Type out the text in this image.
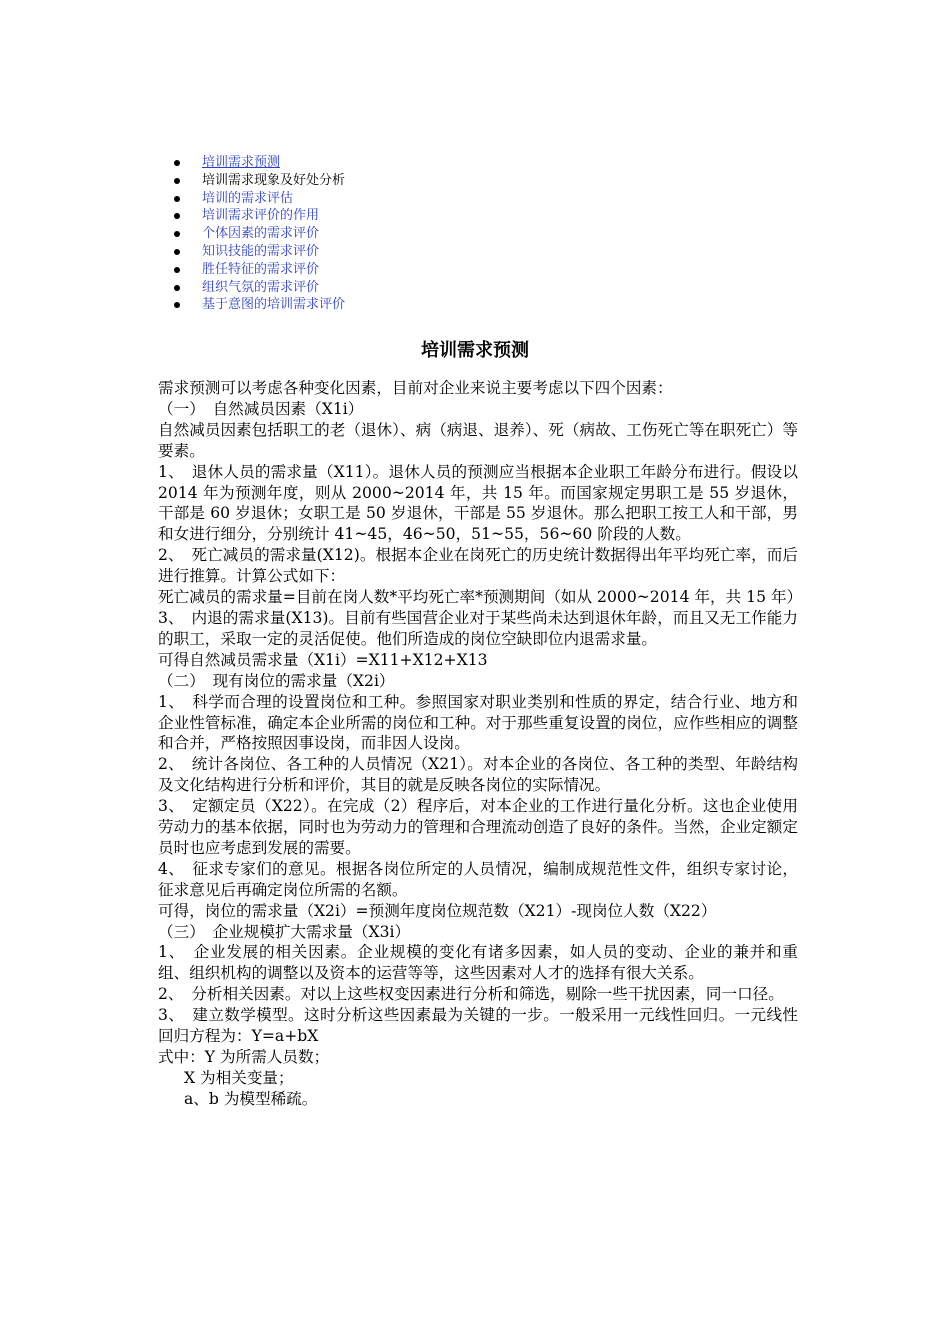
培训需求预测
培训需求现象及好处分析
培训的需求评估
培训需求评价的作用
个体因素的需求评价
知识技能的需求评价
胜任特征的需求评价
组织气氛的需求评价
基于意图的培训需求评价
培训需求预测

需求预测可以考虑各种变化因素，目前对企业来说主要考虑以下四个因素：

（一）　自然减员因素（X1i）

自然减员因素包括职工的老（退休）、病（病退、退养）、死（病故、工伤死亡等在职死亡）等要素。

1、　退休人员的需求量（X11）。退休人员的预测应当根据本企业职工年龄分布进行。假设以 2014 年为预测年度，则从 2000~2014 年，共 15 年。而国家规定男职工是 55 岁退休，干部是 60 岁退休；女职工是 50 岁退休，干部是 55 岁退休。那么把职工按工人和干部，男和女进行细分，分别统计 41~45，46~50，51~55，56~60 阶段的人数。

2、　死亡减员的需求量(X12)。根据本企业在岗死亡的历史统计数据得出年平均死亡率，而后进行推算。计算公式如下：

死亡减员的需求量=目前在岗人数*平均死亡率*预测期间（如从 2000~2014 年，共 15 年）

3、　内退的需求量(X13)。目前有些国营企业对于某些尚未达到退休年龄，而且又无工作能力的职工，采取一定的灵活促使。他们所造成的岗位空缺即位内退需求量。

可得自然减员需求量（X1i）=X11+X12+X13

（二）　现有岗位的需求量（X2i）

1、　科学而合理的设置岗位和工种。参照国家对职业类别和性质的界定，结合行业、地方和企业性管标准，确定本企业所需的岗位和工种。对于那些重复设置的岗位，应作些相应的调整和合并，严格按照因事设岗，而非因人设岗。

2、　统计各岗位、各工种的人员情况（X21）。对本企业的各岗位、各工种的类型、年龄结构及文化结构进行分析和评价，其目的就是反映各岗位的实际情况。

3、　定额定员（X22）。在完成（2）程序后，对本企业的工作进行量化分析。这也企业使用劳动力的基本依据，同时也为劳动力的管理和合理流动创造了良好的条件。当然，企业定额定员时也应考虑到发展的需要。

4、　征求专家们的意见。根据各岗位所定的人员情况，编制成规范性文件，组织专家讨论，征求意见后再确定岗位所需的名额。

可得，岗位的需求量（X2i）=预测年度岗位规范数（X21）-现岗位人数（X22）

（三）　企业规模扩大需求量（X3i）

1、　企业发展的相关因素。企业规模的变化有诸多因素，如人员的变动、企业的兼并和重组、组织机构的调整以及资本的运营等等，这些因素对人才的选择有很大关系。

2、　分析相关因素。对以上这些权变因素进行分析和筛选，剔除一些干扰因素，同一口径。

3、　建立数学模型。这时分析这些因素最为关键的一步。一般采用一元线性回归。一元线性回归方程为：Y=a+bX

式中：Y 为所需人员数；

X 为相关变量；

a、b 为模型稀疏。
